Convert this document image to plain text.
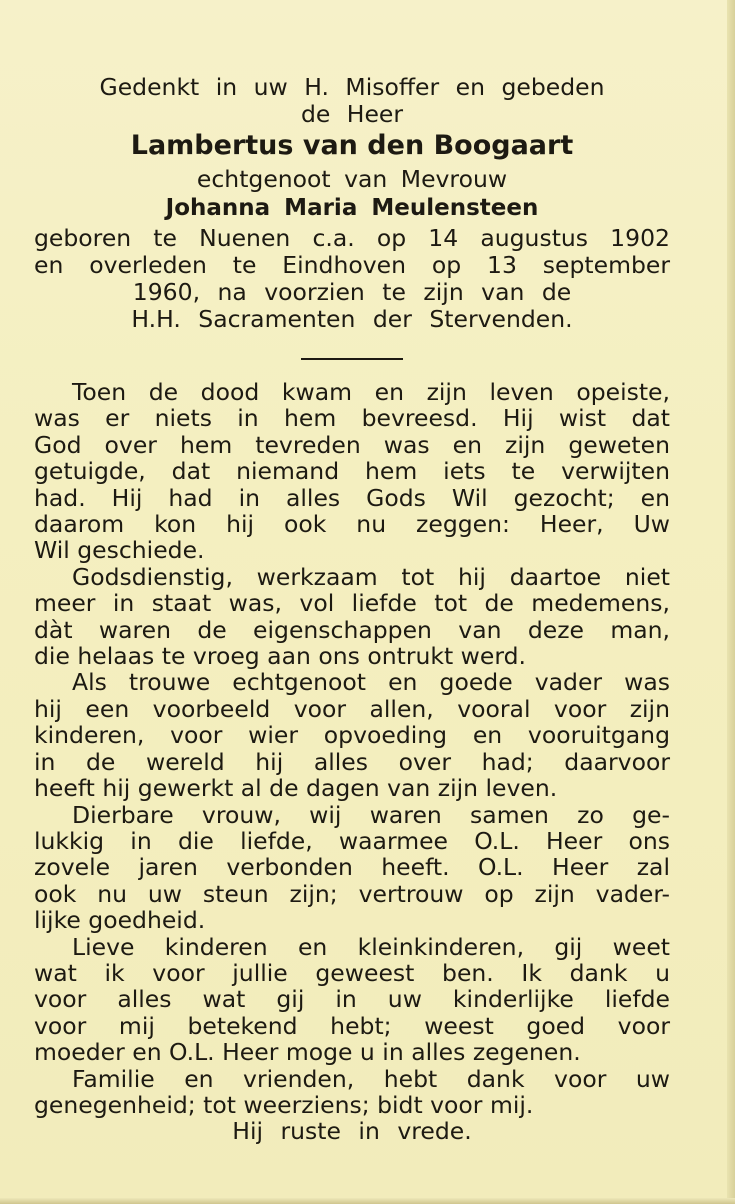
Gedenkt in uw H. Misoffer en gebeden
de Heer
Lambertus van den Boogaart
echtgenoot van Mevrouw
Johanna Maria Meulensteen
geboren te Nuenen c.a. op 14 augustus 1902
en overleden te Eindhoven op 13 september
1960, na voorzien te zijn van de
H.H. Sacramenten der Stervenden.
Toen de dood kwam en zijn leven opeiste,
was er niets in hem bevreesd. Hij wist dat
God over hem tevreden was en zijn geweten
getuigde, dat niemand hem iets te verwijten
had. Hij had in alles Gods Wil gezocht; en
daarom kon hij ook nu zeggen: Heer, Uw
Wil geschiede.
Godsdienstig, werkzaam tot hij daartoe niet
meer in staat was, vol liefde tot de medemens,
dàt waren de eigenschappen van deze man,
die helaas te vroeg aan ons ontrukt werd.
Als trouwe echtgenoot en goede vader was
hij een voorbeeld voor allen, vooral voor zijn
kinderen, voor wier opvoeding en vooruitgang
in de wereld hij alles over had; daarvoor
heeft hij gewerkt al de dagen van zijn leven.
Dierbare vrouw, wij waren samen zo ge-
lukkig in die liefde, waarmee O.L. Heer ons
zovele jaren verbonden heeft. O.L. Heer zal
ook nu uw steun zijn; vertrouw op zijn vader-
lijke goedheid.
Lieve kinderen en kleinkinderen, gij weet
wat ik voor jullie geweest ben. Ik dank u
voor alles wat gij in uw kinderlijke liefde
voor mij betekend hebt; weest goed voor
moeder en O.L. Heer moge u in alles zegenen.
Familie en vrienden, hebt dank voor uw
genegenheid; tot weerziens; bidt voor mij.
Hij ruste in vrede.
